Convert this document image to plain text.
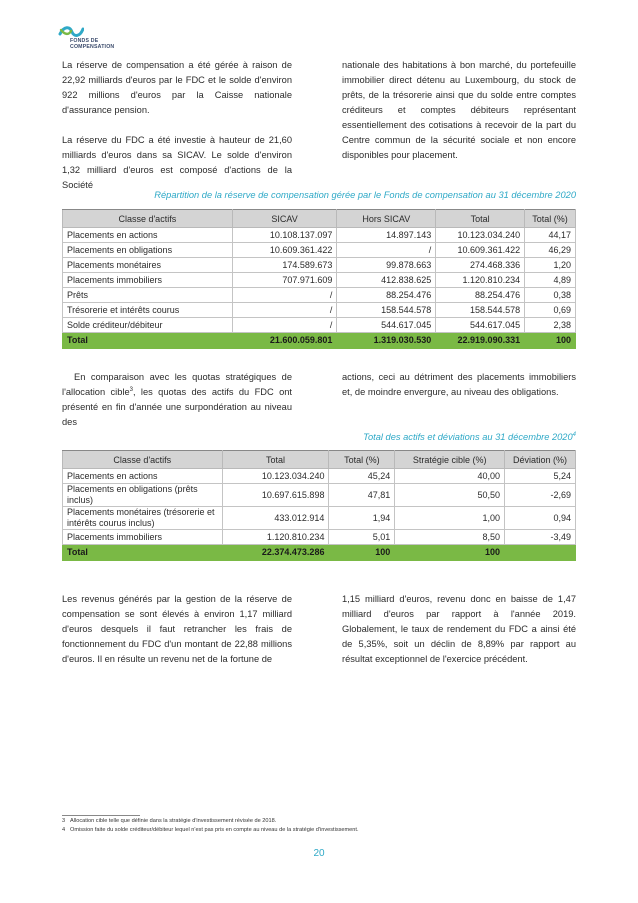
FONDS DE
COMPENSATION

La réserve de compensation a été gérée à raison de 22,92 milliards d'euros par le FDC et le solde d'environ 922 millions d'euros par la Caisse nationale d'assurance pension.

La réserve du FDC a été investie à hauteur de 21,60 milliards d'euros dans sa SICAV. Le solde d'environ 1,32 milliard d'euros est composé d'actions de la Société

nationale des habitations à bon marché, du portefeuille immobilier direct détenu au Luxembourg, du stock de prêts, de la trésorerie ainsi que du solde entre comptes créditeurs et comptes débiteurs représentant essentiellement des cotisations à recevoir de la part du Centre commun de la sécurité sociale et non encore disponibles pour placement.

Répartition de la réserve de compensation gérée par le Fonds de compensation au 31 décembre 2020
Classe d'actifs	SICAV	Hors SICAV	Total	Total (%)
Placements en actions	10.108.137.097	14.897.143	10.123.034.240	44,17
Placements en obligations	10.609.361.422	/	10.609.361.422	46,29
Placements monétaires	174.589.673	99.878.663	274.468.336	1,20
Placements immobiliers	707.971.609	412.838.625	1.120.810.234	4,89
Prêts	/	88.254.476	88.254.476	0,38
Trésorerie et intérêts courus	/	158.544.578	158.544.578	0,69
Solde créditeur/débiteur	/	544.617.045	544.617.045	2,38
Total	21.600.059.801	1.319.030.530	22.919.090.331	100

En comparaison avec les quotas stratégiques de l'allocation cible$^3$, les quotas des actifs du FDC ont présenté en fin d'année une surpondération au niveau des

actions, ceci au détriment des placements immobiliers et, de moindre envergure, au niveau des obligations.

Total des actifs et déviations au 31 décembre 2020$^4$
Classe d'actifs	Total	Total (%)	Stratégie cible (%)	Déviation (%)
Placements en actions	10.123.034.240	45,24	40,00	5,24
Placements en obligations (prêts inclus)	10.697.615.898	47,81	50,50	-2,69
Placements monétaires (trésorerie et intérêts courus inclus)	433.012.914	1,94	1,00	0,94
Placements immobiliers	1.120.810.234	5,01	8,50	-3,49
Total	22.374.473.286	100	100	

Les revenus générés par la gestion de la réserve de compensation se sont élevés à environ 1,17 milliard d'euros desquels il faut retrancher les frais de fonctionnement du FDC d'un montant de 22,88 millions d'euros. Il en résulte un revenu net de la fortune de

1,15 milliard d'euros, revenu donc en baisse de 1,47 milliard d'euros par rapport à l'année 2019. Globalement, le taux de rendement du FDC a ainsi été de 5,35%, soit un déclin de 8,89% par rapport au résultat exceptionnel de l'exercice précédent.

3 Allocation cible telle que définie dans la stratégie d'investissement révisée de 2018.
4 Omission faite du solde créditeur/débiteur lequel n'est pas pris en compte au niveau de la stratégie d'investissement.
20
